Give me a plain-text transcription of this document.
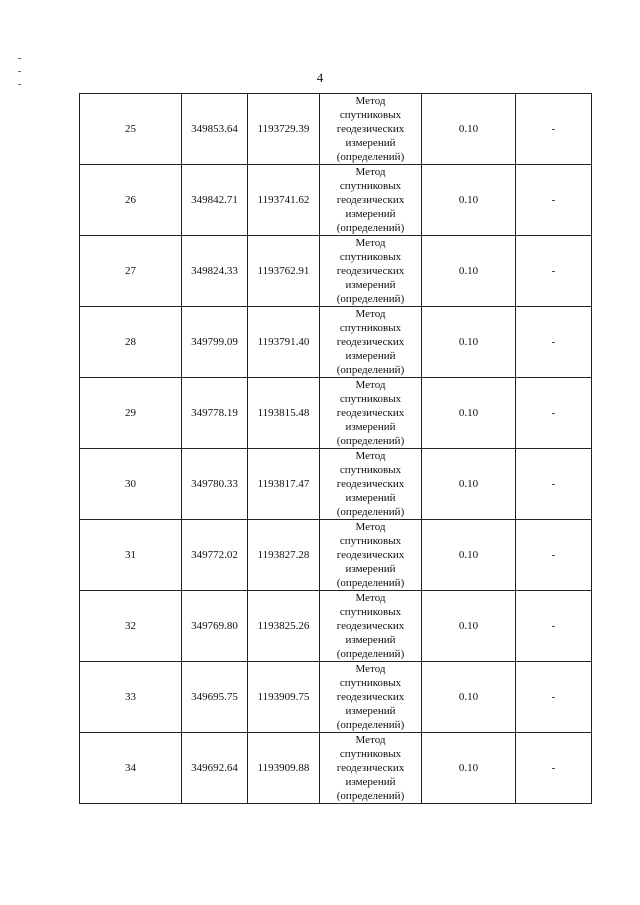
4
25	349853.64	1193729.39	Метод
спутниковых
геодезических
измерений
(определений)	0.10	-
26	349842.71	1193741.62	Метод
спутниковых
геодезических
измерений
(определений)	0.10	-
27	349824.33	1193762.91	Метод
спутниковых
геодезических
измерений
(определений)	0.10	-
28	349799.09	1193791.40	Метод
спутниковых
геодезических
измерений
(определений)	0.10	-
29	349778.19	1193815.48	Метод
спутниковых
геодезических
измерений
(определений)	0.10	-
30	349780.33	1193817.47	Метод
спутниковых
геодезических
измерений
(определений)	0.10	-
31	349772.02	1193827.28	Метод
спутниковых
геодезических
измерений
(определений)	0.10	-
32	349769.80	1193825.26	Метод
спутниковых
геодезических
измерений
(определений)	0.10	-
33	349695.75	1193909.75	Метод
спутниковых
геодезических
измерений
(определений)	0.10	-
34	349692.64	1193909.88	Метод
спутниковых
геодезических
измерений
(определений)	0.10	-
